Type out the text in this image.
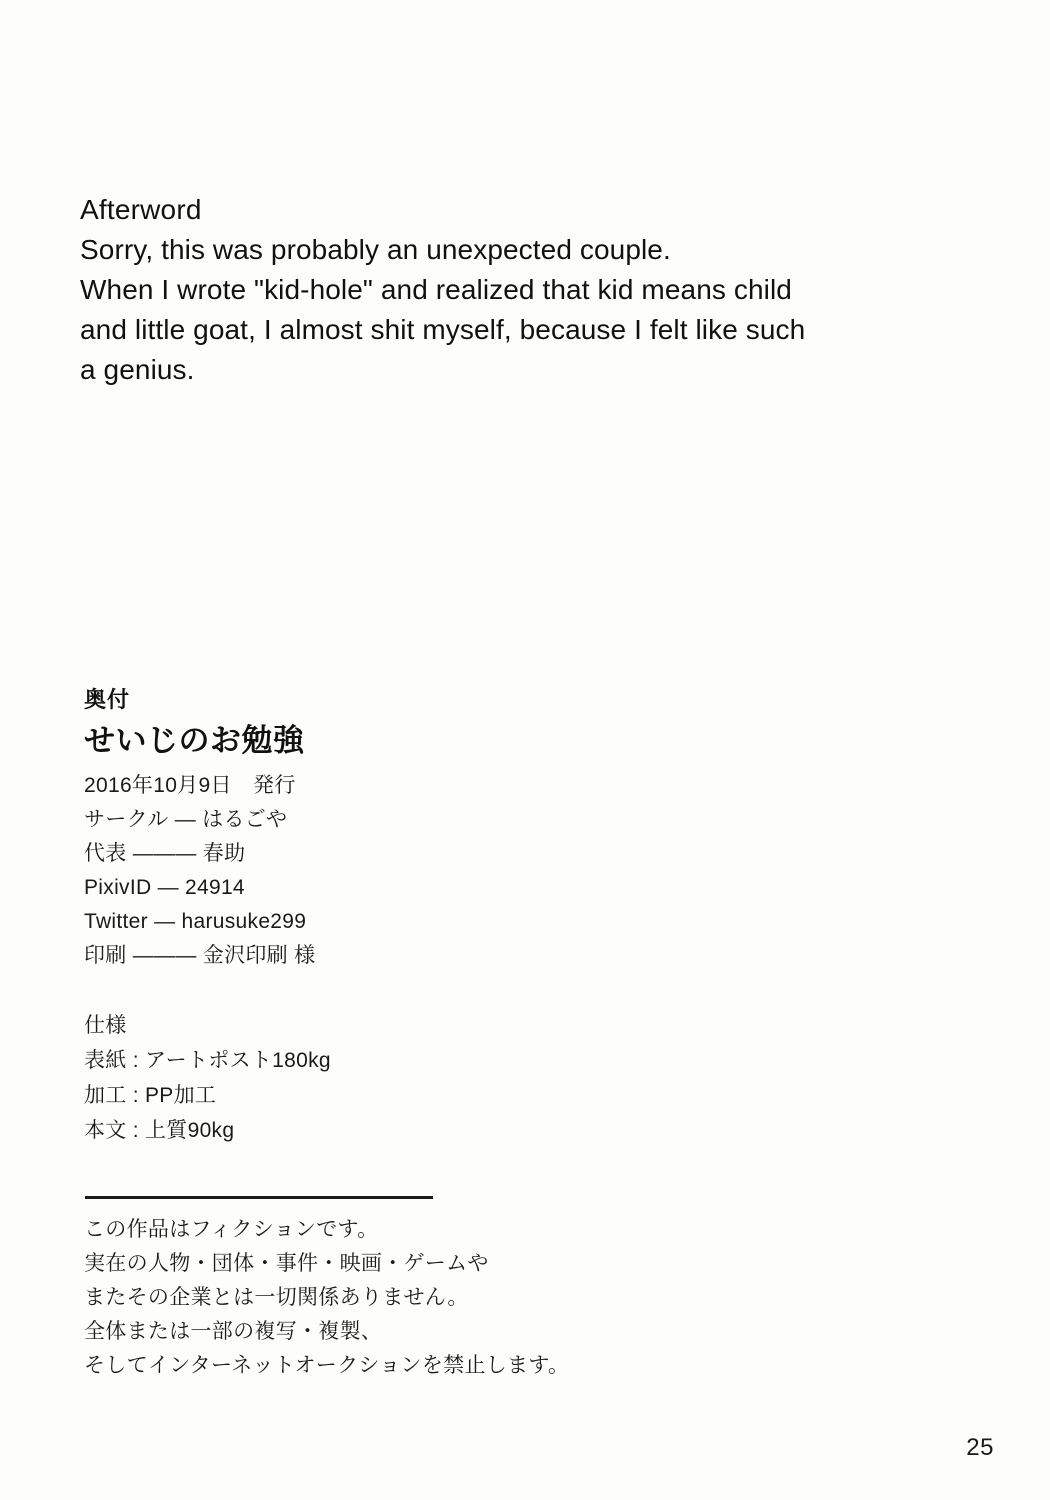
Afterword
Sorry, this was probably an unexpected couple.
When I wrote "kid-hole" and realized that kid means child
and little goat, I almost shit myself, because I felt like such
a genius.
奥付
せいじのお勉強
2016年10月9日　発行
サークル ― はるごや
代表 ――― 春助
PixivID ― 24914
Twitter ― harusuke299
印刷 ――― 金沢印刷 様
仕様
表紙 : アートポスト180kg
加工 : PP加工
本文 : 上質90kg
この作品はフィクションです。
実在の人物・団体・事件・映画・ゲームや
またその企業とは一切関係ありません。
全体または一部の複写・複製、
そしてインターネットオークションを禁止します。
25
